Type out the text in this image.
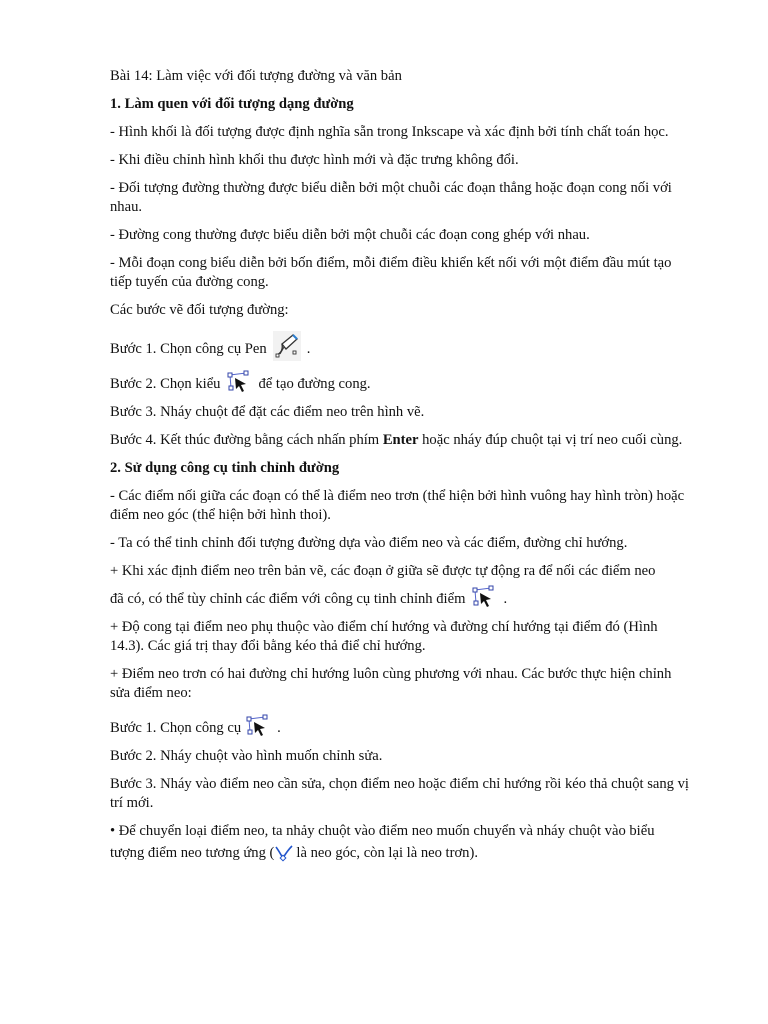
Bài 14: Làm việc với đối tượng đường và văn bản

1. Làm quen với đối tượng dạng đường

- Hình khối là đối tượng được định nghĩa sẵn trong Inkscape và xác định bởi tính chất toán học.

- Khi điều chỉnh hình khối thu được hình mới và đặc trưng không đổi.

- Đối tượng đường thường được biểu diễn bởi một chuỗi các đoạn thẳng hoặc đoạn cong nối với nhau.

- Đường cong thường được biểu diễn bởi một chuỗi các đoạn cong ghép với nhau.

- Mỗi đoạn cong biểu diễn bởi bốn điểm, mỗi điểm điều khiển kết nối với một điểm đầu mút tạo tiếp tuyến của đường cong.

Các bước vẽ đối tượng đường:

Bước 1. Chọn công cụ Pen	.
Bước 2. Chọn kiểu	để tạo đường cong.

Bước 3. Nháy chuột để đặt các điểm neo trên hình vẽ.

Bước 4. Kết thúc đường bằng cách nhấn phím Enter hoặc nháy đúp chuột tại vị trí neo cuối cùng.

2. Sử dụng công cụ tinh chỉnh đường

- Các điểm nối giữa các đoạn có thể là điểm neo trơn (thể hiện bởi hình vuông hay hình tròn) hoặc điểm neo góc (thể hiện bởi hình thoi).

- Ta có thể tinh chỉnh đối tượng đường dựa vào điểm neo và các điểm, đường chỉ hướng.

+ Khi xác định điểm neo trên bản vẽ, các đoạn ở giữa sẽ được tự động ra để nối các điểm neo

đã có, có thể tùy chỉnh các điểm với công cụ tinh chỉnh điểm	.

+ Độ cong tại điểm neo phụ thuộc vào điểm chí hướng và đường chí hướng tại điểm đó (Hình 14.3). Các giá trị thay đổi bằng kéo thả điể chỉ hướng.

+ Điểm neo trơn có hai đường chỉ hướng luôn cùng phương với nhau. Các bước thực hiện chỉnh sửa điểm neo:

Bước 1. Chọn công cụ .

Bước 2. Nháy chuột vào hình muốn chỉnh sửa.

Bước 3. Nháy vào điểm neo cần sửa, chọn điểm neo hoặc điểm chỉ hướng rồi kéo thả chuột sang vị trí mới.

• Để chuyển loại điểm neo, ta nhảy chuột vào điểm neo muốn chuyển và nháy chuột vào biểu

tượng điểm neo tương ứng ( là neo góc, còn lại là neo trơn).
